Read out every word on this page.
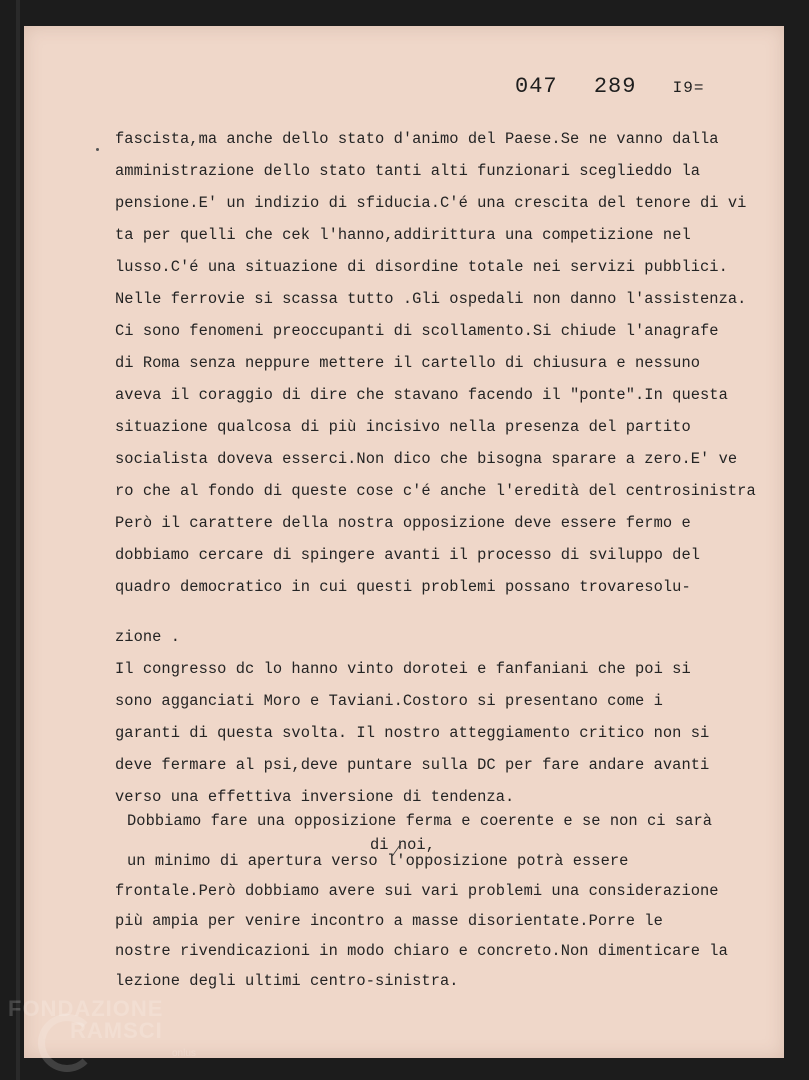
047 289 I9=
fascista,ma anche dello stato d'animo del Paese.Se ne vanno dalla
amministrazione dello stato tanti alti funzionari sceglieddo la
pensione.E' un indizio di sfiducia.C'é una crescita del tenore di vi
ta per quelli che cek l'hanno,addirittura una competizione nel
lusso.C'é una situazione di disordine totale nei servizi pubblici.
Nelle ferrovie si scassa tutto .Gli ospedali non danno l'assistenza.
Ci sono fenomeni preoccupanti di scollamento.Si chiude l'anagrafe
di Roma senza neppure mettere il cartello di chiusura e nessuno
aveva il coraggio di dire che stavano facendo il "ponte".In questa
situazione qualcosa di più incisivo nella presenza del partito
socialista doveva esserci.Non dico che bisogna sparare a zero.E' ve
ro che al fondo di queste cose c'é anche l'eredità del centrosinistra
Però il carattere della nostra opposizione deve essere fermo e
dobbiamo cercare di spingere avanti il processo di sviluppo del
quadro democratico in cui questi problemi possano trovaresolu-
zione .
Il congresso dc lo hanno vinto dorotei e fanfaniani che poi si
sono agganciati Moro e Taviani.Costoro si presentano come i
garanti di questa svolta. Il nostro atteggiamento critico non si
deve fermare al psi,deve puntare sulla DC per fare andare avanti
verso una effettiva inversione di tendenza.
Dobbiamo fare una opposizione ferma e coerente e se non ci sarà
di noi,
un minimo di apertura verso l'opposizione potrà essere
frontale.Però dobbiamo avere sui vari problemi una considerazione
più ampia per venire incontro a masse disorientate.Porre le
nostre rivendicazioni in modo chiaro e concreto.Non dimenticare la
lezione degli ultimi centro-sinistra.
FONDAZIONE
RAMSCI
onlus
